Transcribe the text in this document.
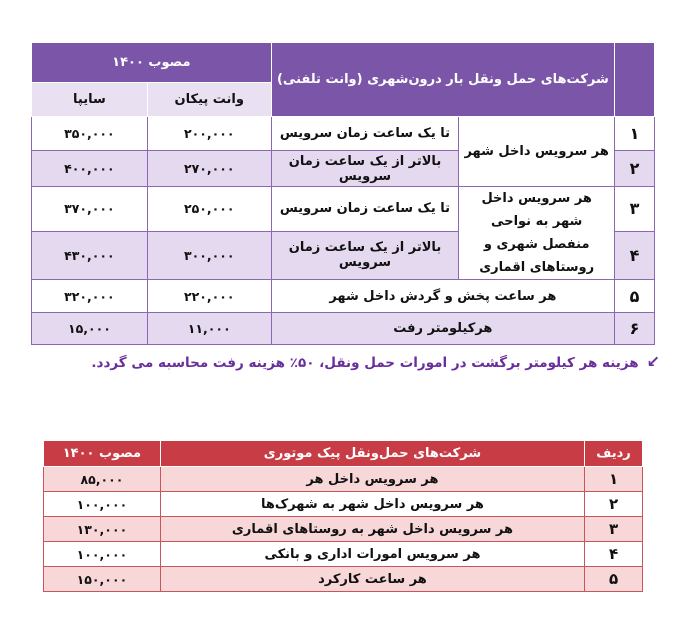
	شرکت‌های حمل ونقل بار درون‌شهری (وانت تلفنی)		مصوب ۱۴۰۰	
			وانت پیکان	سایپا
۱	هر سرویس داخل شهر	تا یک ساعت زمان سرویس	۲۰۰,۰۰۰	۳۵۰,۰۰۰
۲		بالاتر از یک ساعت زمان سرویس	۲۷۰,۰۰۰	۴۰۰,۰۰۰
۳	هر سرویس داخل شهر به نواحی منفصل شهری و روستاهای اقماری	تا یک ساعت زمان سرویس	۲۵۰,۰۰۰	۳۷۰,۰۰۰
۴		بالاتر از یک ساعت زمان سرویس	۳۰۰,۰۰۰	۴۳۰,۰۰۰
۵	هر ساعت پخش و گردش داخل شهر		۲۲۰,۰۰۰	۳۲۰,۰۰۰
۶	هرکیلومتر رفت		۱۱,۰۰۰	۱۵,۰۰۰
↙هزینه هر کیلومتر برگشت در امورات حمل ونقل، ۵۰٪ هزینه رفت محاسبه می گردد.
ردیف	شرکت‌های حمل‌ونقل پیک موتوری	مصوب ۱۴۰۰
۱	هر سرویس داخل هر	۸۵,۰۰۰
۲	هر سرویس داخل شهر به شهرک‌ها	۱۰۰,۰۰۰
۳	هر سرویس داخل شهر به روستاهای اقماری	۱۳۰,۰۰۰
۴	هر سرویس امورات اداری و بانکی	۱۰۰,۰۰۰
۵	هر ساعت کارکرد	۱۵۰,۰۰۰
